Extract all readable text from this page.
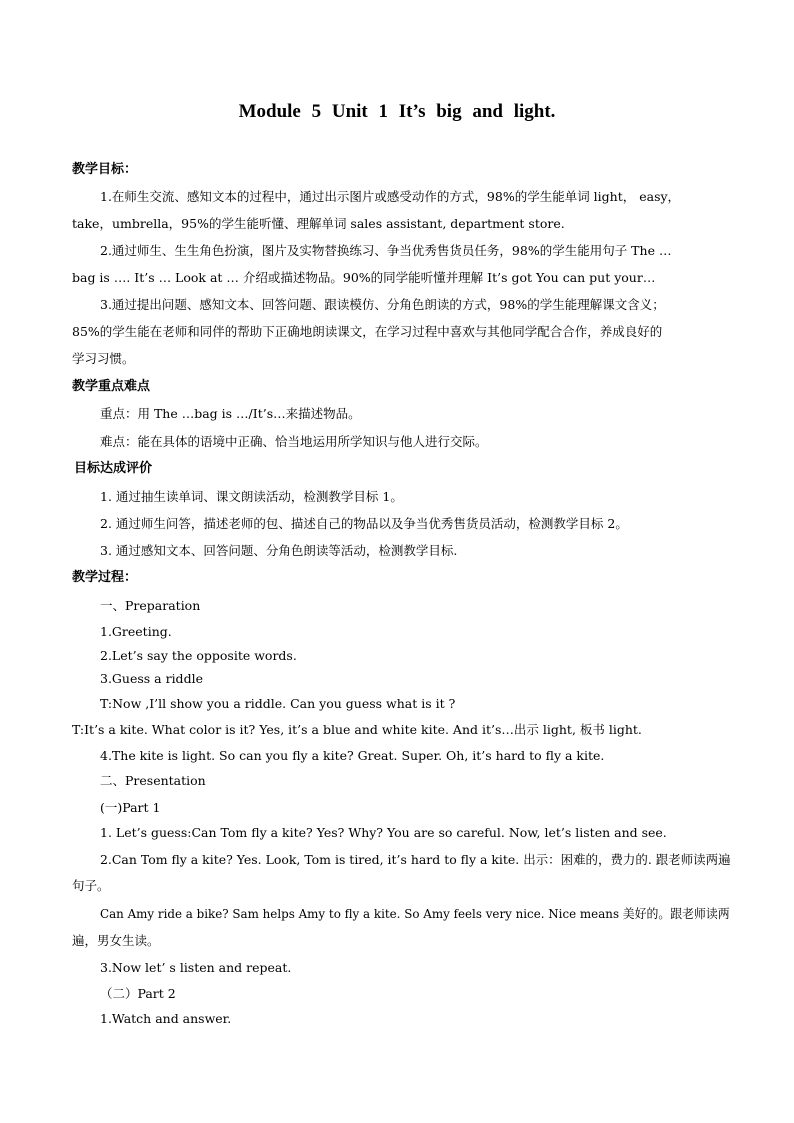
Module 5 Unit 1 It’s big and light.
教学目标：
1.在师生交流、感知文本的过程中，通过出示图片或感受动作的方式，98%的学生能单词 light， easy，
take，umbrella，95%的学生能听懂、理解单词 sales assistant, department store.
2.通过师生、生生角色扮演，图片及实物替换练习、争当优秀售货员任务，98%的学生能用句子 The …
bag is …. It’s … Look at … 介绍或描述物品。90%的同学能听懂并理解 It’s got You can put your…
3.通过提出问题、感知文本、回答问题、跟读模仿、分角色朗读的方式，98%的学生能理解课文含义；
85%的学生能在老师和同伴的帮助下正确地朗读课文，在学习过程中喜欢与其他同学配合合作，养成良好的
学习习惯。
教学重点难点
重点：用 The …bag is …/It’s…来描述物品。
难点：能在具体的语境中正确、恰当地运用所学知识与他人进行交际。
目标达成评价
1. 通过抽生读单词、课文朗读活动，检测教学目标 1。
2. 通过师生问答，描述老师的包、描述自己的物品以及争当优秀售货员活动，检测教学目标 2。
3. 通过感知文本、回答问题、分角色朗读等活动，检测教学目标.
教学过程：
一、Preparation
1.Greeting.
2.Let’s say the opposite words.
3.Guess a riddle
T:Now ,I’ll show you a riddle. Can you guess what is it ?
T:It’s a kite. What color is it? Yes, it’s a blue and white kite. And it’s…出示 light, 板书 light.
4.The kite is light. So can you fly a kite? Great. Super. Oh, it’s hard to fly a kite.
二、Presentation
(一)Part 1
1. Let’s guess:Can Tom fly a kite? Yes? Why? You are so careful. Now, let’s listen and see.
2.Can Tom fly a kite? Yes. Look, Tom is tired, it’s hard to fly a kite. 出示：困难的，费力的. 跟老师读两遍
句子。
Can Amy ride a bike? Sam helps Amy to fly a kite. So Amy feels very nice. Nice means 美好的。跟老师读两
遍，男女生读。
3.Now let’ s listen and repeat.
（二）Part 2
1.Watch and answer.
